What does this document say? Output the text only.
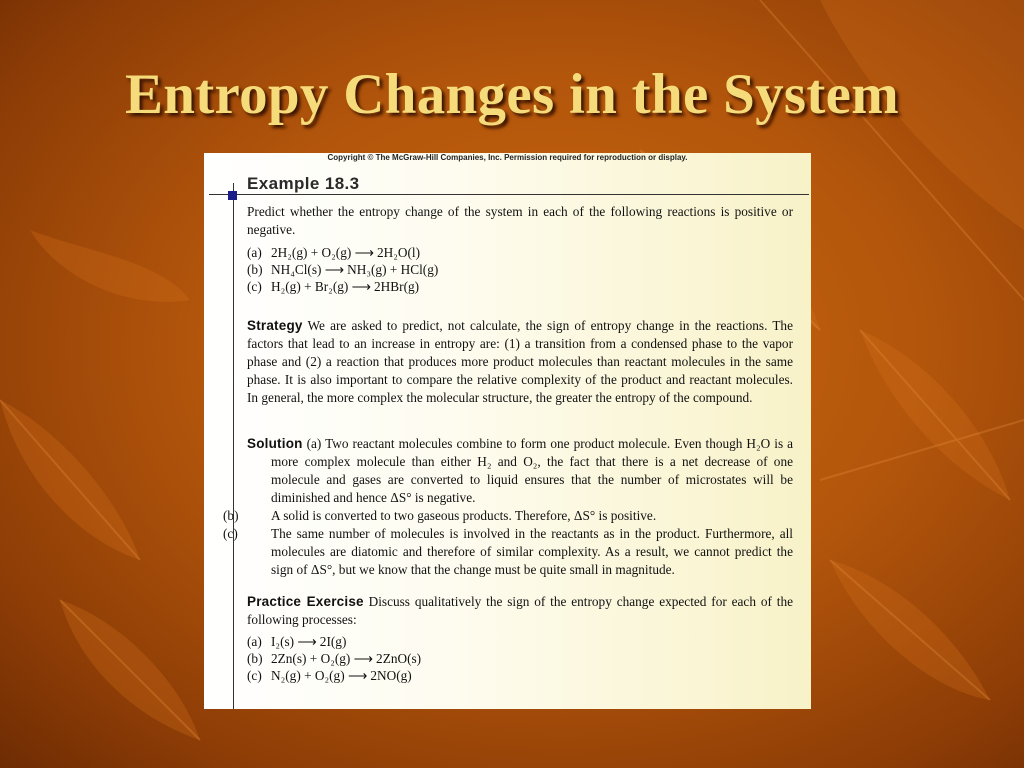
Entropy Changes in the System
Copyright © The McGraw-Hill Companies, Inc. Permission required for reproduction or display.
Example 18.3

Predict whether the entropy change of the system in each of the following reactions is positive or negative.

(a) 2H₂(g) + O₂(g) ⟶ 2H₂O(l)

(b) NH₄Cl(s) ⟶ NH₃(g) + HCl(g)

(c) H₂(g) + Br₂(g) ⟶ 2HBr(g)

Strategy We are asked to predict, not calculate, the sign of entropy change in the reactions. The factors that lead to an increase in entropy are: (1) a transition from a condensed phase to the vapor phase and (2) a reaction that produces more product molecules than reactant molecules in the same phase. It is also important to compare the relative complexity of the product and reactant molecules. In general, the more complex the molecular structure, the greater the entropy of the compound.

Solution (a) Two reactant molecules combine to form one product molecule. Even though H₂O is a more complex molecule than either H₂ and O₂, the fact that there is a net decrease of one molecule and gases are converted to liquid ensures that the number of microstates will be diminished and hence ΔS° is negative.

(b) A solid is converted to two gaseous products. Therefore, ΔS° is positive.

(c) The same number of molecules is involved in the reactants as in the product. Furthermore, all molecules are diatomic and therefore of similar complexity. As a result, we cannot predict the sign of ΔS°, but we know that the change must be quite small in magnitude.

Practice Exercise Discuss qualitatively the sign of the entropy change expected for each of the following processes:

(a) I₂(s) ⟶ 2I(g)

(b) 2Zn(s) + O₂(g) ⟶ 2ZnO(s)

(c) N₂(g) + O₂(g) ⟶ 2NO(g)
